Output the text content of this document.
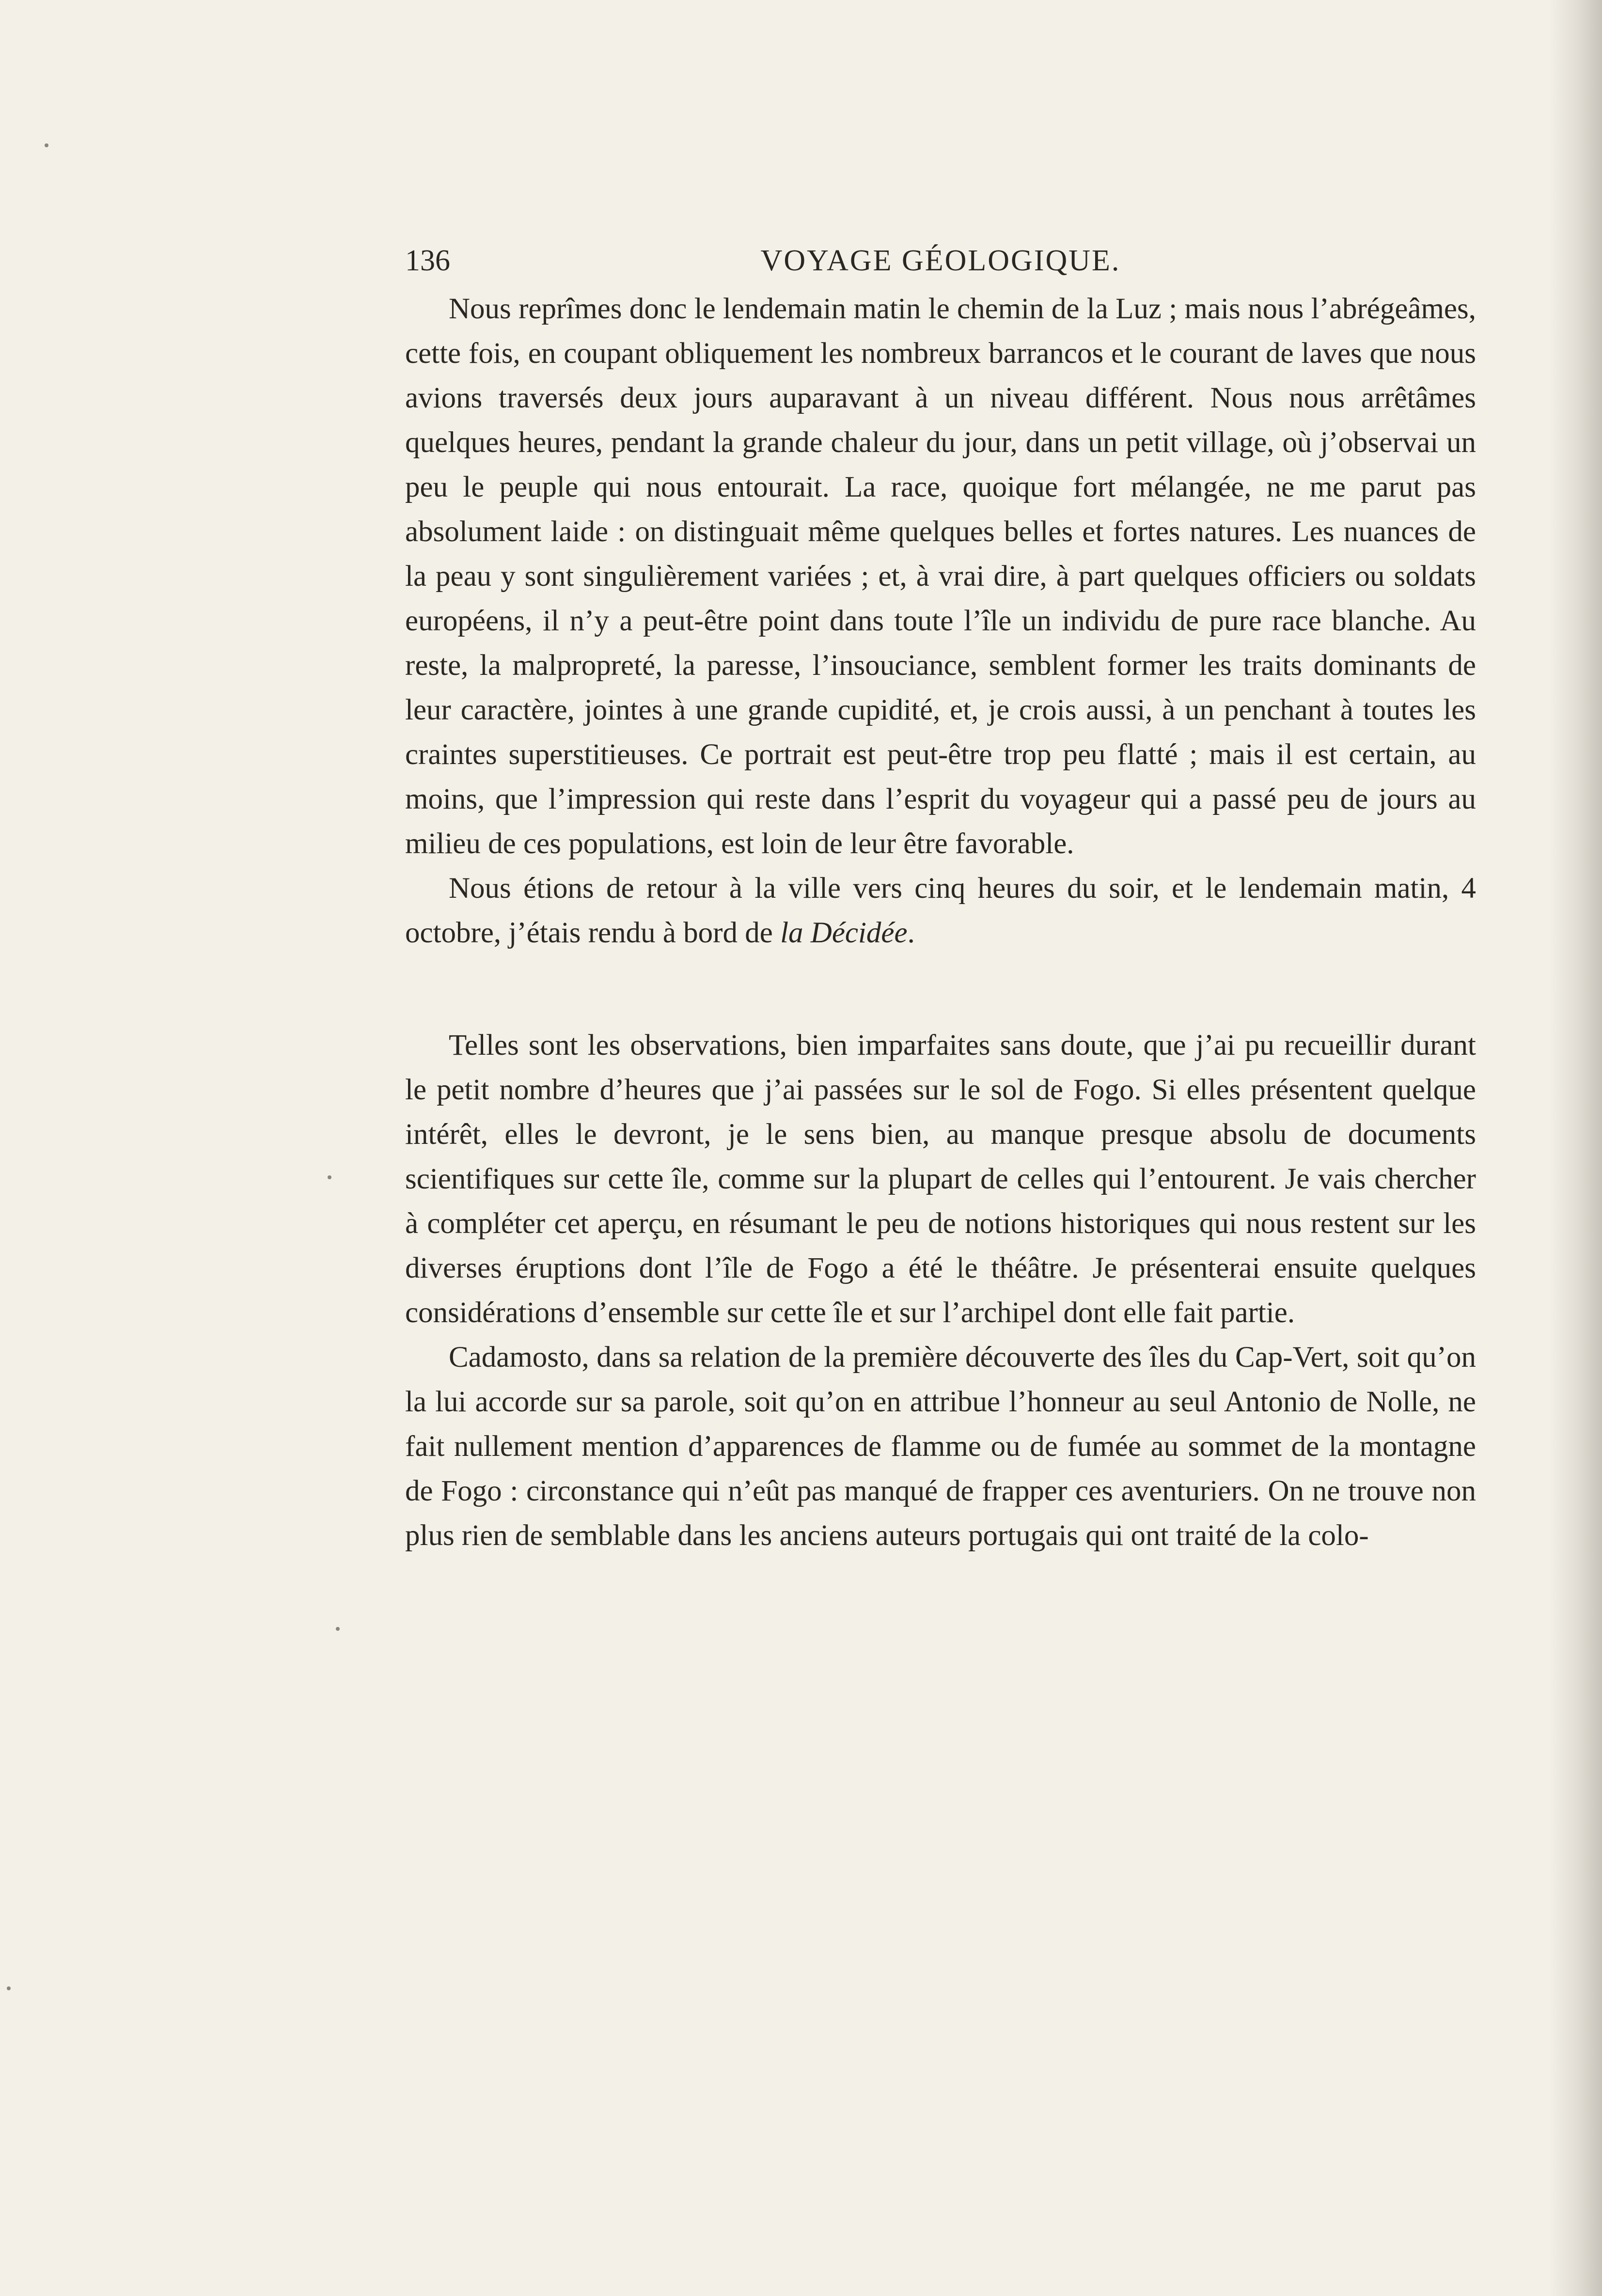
136	VOYAGE GÉOLOGIQUE.

Nous reprîmes donc le lendemain matin le chemin de la Luz ; mais nous l’abrégeâmes, cette fois, en coupant obliquement les nombreux barrancos et le courant de laves que nous avions traversés deux jours auparavant à un niveau différent. Nous nous arrêtâmes quelques heures, pendant la grande chaleur du jour, dans un petit village, où j’observai un peu le peuple qui nous entourait. La race, quoique fort mélangée, ne me parut pas absolument laide : on distinguait même quelques belles et fortes natures. Les nuances de la peau y sont singulièrement variées ; et, à vrai dire, à part quelques officiers ou soldats européens, il n’y a peut-être point dans toute l’île un individu de pure race blanche. Au reste, la malpropreté, la paresse, l’insouciance, semblent former les traits dominants de leur caractère, jointes à une grande cupidité, et, je crois aussi, à un penchant à toutes les craintes superstitieuses. Ce portrait est peut-être trop peu flatté ; mais il est certain, au moins, que l’impression qui reste dans l’esprit du voyageur qui a passé peu de jours au milieu de ces populations, est loin de leur être favorable.

Nous étions de retour à la ville vers cinq heures du soir, et le lendemain matin, 4 octobre, j’étais rendu à bord de la Décidée.

Telles sont les observations, bien imparfaites sans doute, que j’ai pu recueillir durant le petit nombre d’heures que j’ai passées sur le sol de Fogo. Si elles présentent quelque intérêt, elles le devront, je le sens bien, au manque presque absolu de documents scientifiques sur cette île, comme sur la plupart de celles qui l’entourent. Je vais chercher à compléter cet aperçu, en résumant le peu de notions historiques qui nous restent sur les diverses éruptions dont l’île de Fogo a été le théâtre. Je présenterai ensuite quelques considérations d’ensemble sur cette île et sur l’archipel dont elle fait partie.

Cadamosto, dans sa relation de la première découverte des îles du Cap-Vert, soit qu’on la lui accorde sur sa parole, soit qu’on en attribue l’honneur au seul Antonio de Nolle, ne fait nullement mention d’apparences de flamme ou de fumée au sommet de la montagne de Fogo : circonstance qui n’eût pas manqué de frapper ces aventuriers. On ne trouve non plus rien de semblable dans les anciens auteurs portugais qui ont traité de la colo-
